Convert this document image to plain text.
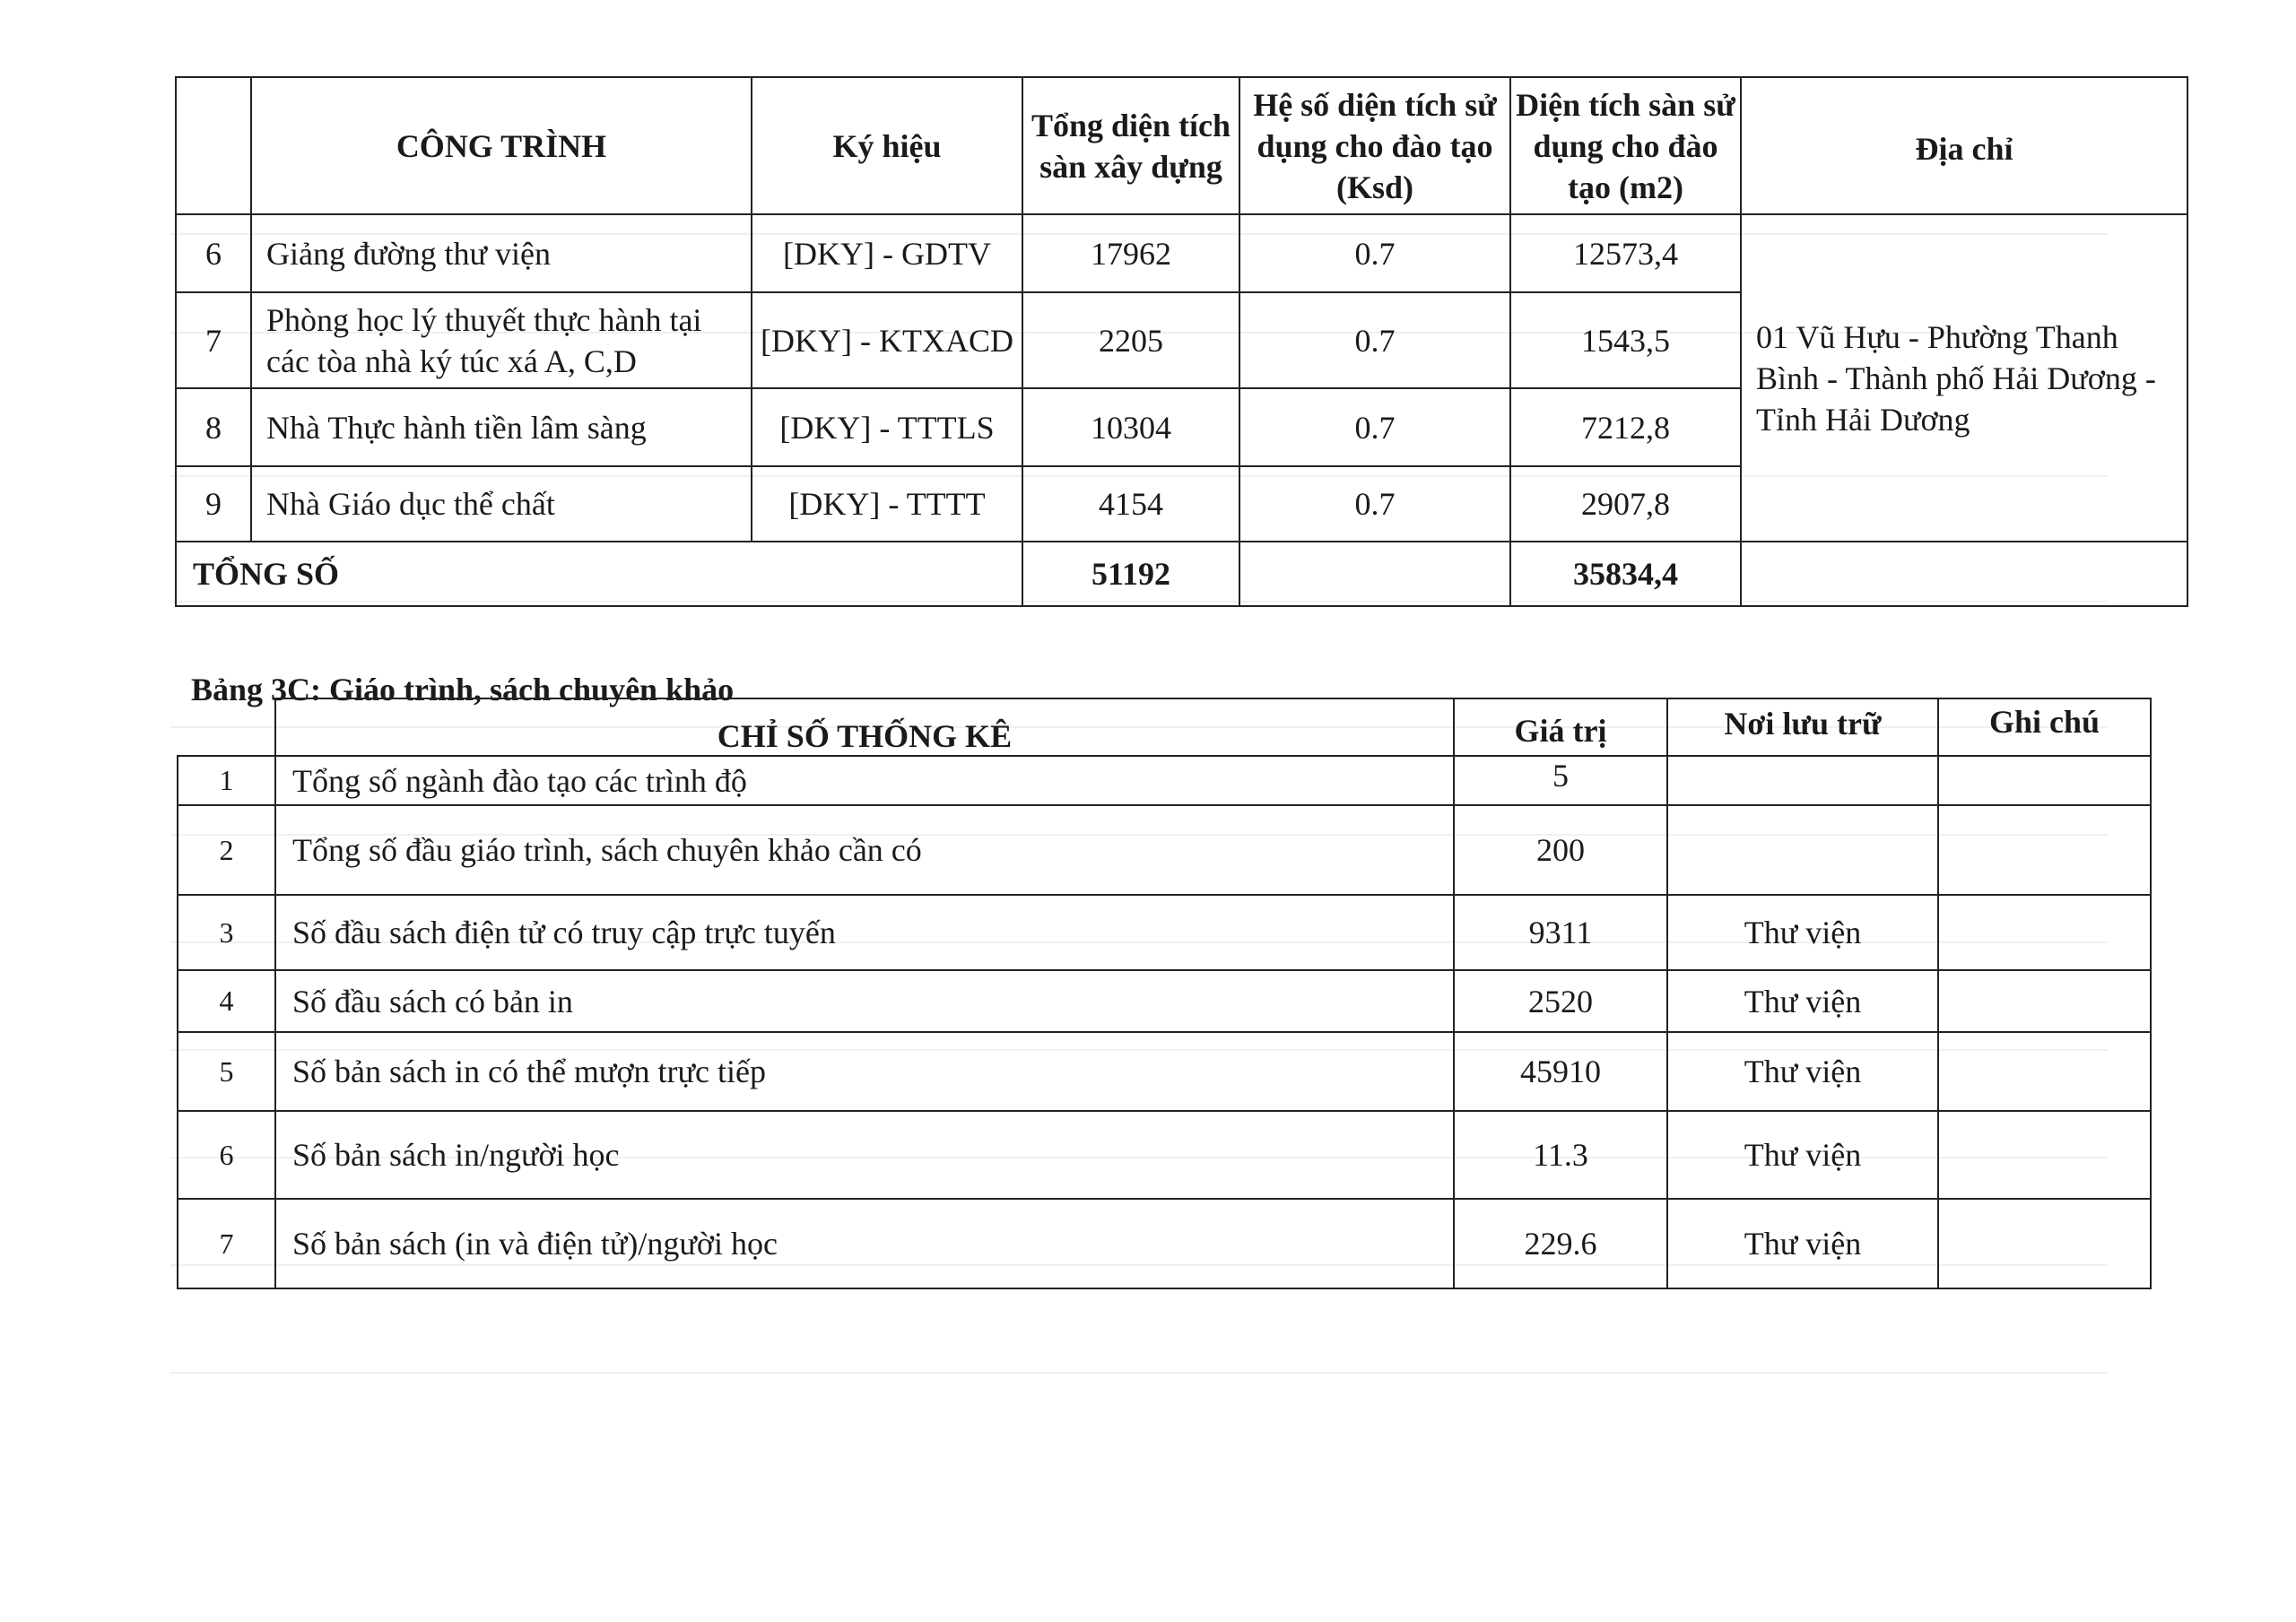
	CÔNG TRÌNH	Ký hiệu	Tổng diện tích sàn xây dựng	Hệ số diện tích sử dụng cho đào tạo (Ksd)	Diện tích sàn sử dụng cho đào tạo (m2)	Địa chỉ
6	Giảng đường thư viện	[DKY] - GDTV	17962	0.7	12573,4	01 Vũ Hựu - Phường Thanh Bình - Thành phố Hải Dương - Tỉnh Hải Dương
7	Phòng học lý thuyết thực hành tại các tòa nhà ký túc xá A, C,D	[DKY] - KTXACD	2205	0.7	1543,5	
8	Nhà Thực hành tiền lâm sàng	[DKY] - TTTLS	10304	0.7	7212,8	
9	Nhà Giáo dục thể chất	[DKY] - TTTT	4154	0.7	2907,8	
TỔNG SỐ			51192		35834,4	
Bảng 3C: Giáo trình, sách chuyên khảo
	CHỈ SỐ THỐNG KÊ	Giá trị	Nơi lưu trữ	Ghi chú
1	Tổng số ngành đào tạo các trình độ	5		
2	Tổng số đầu giáo trình, sách chuyên khảo cần có	200		
3	Số đầu sách điện tử có truy cập trực tuyến	9311	Thư viện	
4	Số đầu sách có bản in	2520	Thư viện	
5	Số bản sách in có thể mượn trực tiếp	45910	Thư viện	
6	Số bản sách in/người học	11.3	Thư viện	
7	Số bản sách (in và điện tử)/người học	229.6	Thư viện	
